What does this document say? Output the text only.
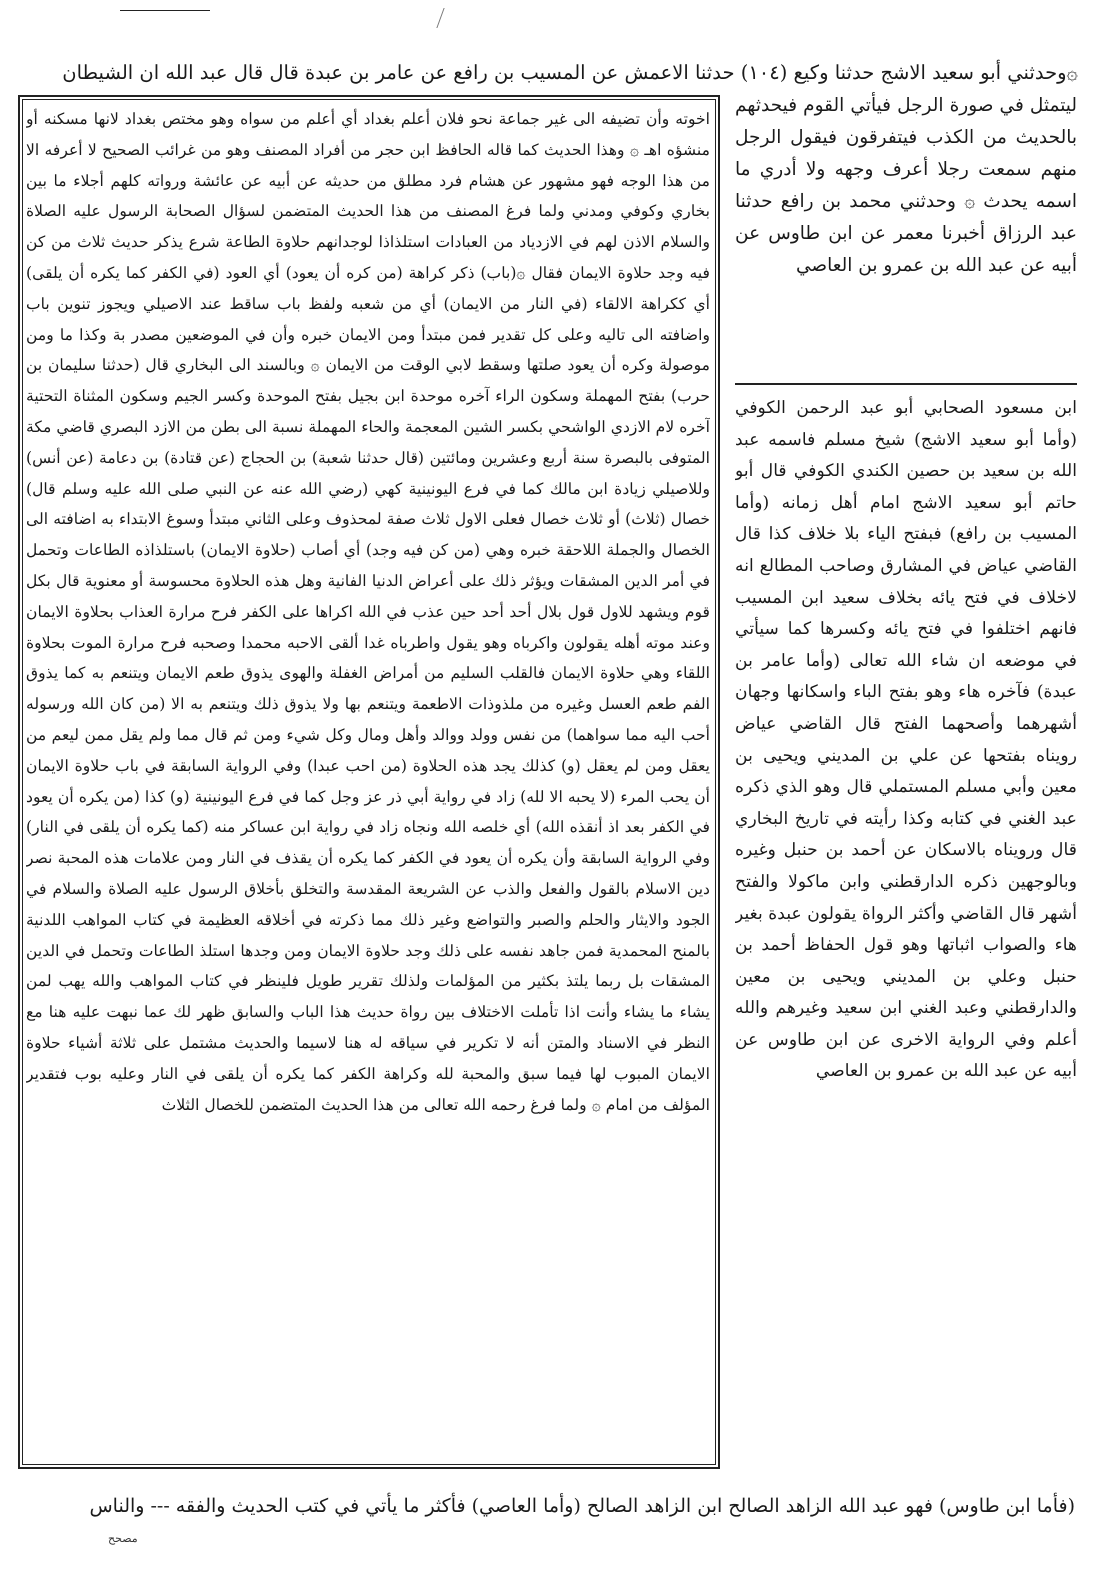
۞وحدثني أبو سعيد الاشج حدثنا وكيع (١٠٤) حدثنا الاعمش عن المسيب بن رافع عن عامر بن عبدة قال قال عبد الله ان الشيطان
اخوته وأن تضيفه الى غير جماعة نحو فلان أعلم بغداد أي أعلم من سواه وهو مختص بغداد لانها مسكنه أو منشؤه اهـ ۞ وهذا الحديث كما قاله الحافظ ابن حجر من أفراد المصنف وهو من غرائب الصحيح لا أعرفه الا من هذا الوجه فهو مشهور عن هشام فرد مطلق من حديثه عن أبيه عن عائشة ورواته كلهم أجلاء ما بين بخاري وكوفي ومدني ولما فرغ المصنف من هذا الحديث المتضمن لسؤال الصحابة الرسول عليه الصلاة والسلام الاذن لهم في الازدياد من العبادات استلذاذا لوجدانهم حلاوة الطاعة شرع يذكر حديث ثلاث من كن فيه وجد حلاوة الايمان فقال ۞(باب) ذكر كراهة (من كره أن يعود) أي العود (في الكفر كما يكره أن يلقى) أي ككراهة الالقاء (في النار من الايمان) أي من شعبه ولفظ باب ساقط عند الاصيلي ويجوز تنوين باب واضافته الى تاليه وعلى كل تقدير فمن مبتدأ ومن الايمان خبره وأن في الموضعين مصدر بة وكذا ما ومن موصولة وكره أن يعود صلتها وسقط لابي الوقت من الايمان ۞ وبالسند الى البخاري قال (حدثنا سليمان بن حرب) بفتح المهملة وسكون الراء آخره موحدة ابن بجيل بفتح الموحدة وكسر الجيم وسكون المثناة التحتية آخره لام الازدي الواشحي بكسر الشين المعجمة والحاء المهملة نسبة الى بطن من الازد البصري قاضي مكة المتوفى بالبصرة سنة أربع وعشرين ومائتين (قال حدثنا شعبة) بن الحجاج (عن قتادة) بن دعامة (عن أنس) وللاصيلي زيادة ابن مالك كما في فرع اليونينية كهي (رضي الله عنه عن النبي صلى الله عليه وسلم قال) خصال (ثلاث) أو ثلاث خصال فعلى الاول ثلاث صفة لمحذوف وعلى الثاني مبتدأ وسوغ الابتداء به اضافته الى الخصال والجملة اللاحقة خبره وهي (من كن فيه وجد) أي أصاب (حلاوة الايمان) باستلذاذه الطاعات وتحمل في أمر الدين المشقات ويؤثر ذلك على أعراض الدنيا الفانية وهل هذه الحلاوة محسوسة أو معنوية قال بكل قوم ويشهد للاول قول بلال أحد أحد حين عذب في الله اكراها على الكفر فرح مرارة العذاب بحلاوة الايمان وعند موته أهله يقولون واكرباه وهو يقول واطرباه غدا ألقى الاحبه محمدا وصحبه فرح مرارة الموت بحلاوة اللقاء وهي حلاوة الايمان فالقلب السليم من أمراض الغفلة والهوى يذوق طعم الايمان ويتنعم به كما يذوق الفم طعم العسل وغيره من ملذوذات الاطعمة ويتنعم بها ولا يذوق ذلك ويتنعم به الا (من كان الله ورسوله أحب اليه مما سواهما) من نفس وولد ووالد وأهل ومال وكل شيء ومن ثم قال مما ولم يقل ممن ليعم من يعقل ومن لم يعقل (و) كذلك يجد هذه الحلاوة (من احب عبدا) وفي الرواية السابقة في باب حلاوة الايمان أن يحب المرء (لا يحبه الا لله) زاد في رواية أبي ذر عز وجل كما في فرع اليونينية (و) كذا (من يكره أن يعود في الكفر بعد اذ أنقذه الله) أي خلصه الله ونجاه زاد في رواية ابن عساكر منه (كما يكره أن يلقى في النار) وفي الرواية السابقة وأن يكره أن يعود في الكفر كما يكره أن يقذف في النار ومن علامات هذه المحبة نصر دين الاسلام بالقول والفعل والذب عن الشريعة المقدسة والتخلق بأخلاق الرسول عليه الصلاة والسلام في الجود والايثار والحلم والصبر والتواضع وغير ذلك مما ذكرته في أخلاقه العظيمة في كتاب المواهب اللدنية بالمنح المحمدية فمن جاهد نفسه على ذلك وجد حلاوة الايمان ومن وجدها استلذ الطاعات وتحمل في الدين المشقات بل ربما يلتذ بكثير من المؤلمات ولذلك تقرير طويل فلينظر في كتاب المواهب والله يهب لمن يشاء ما يشاء وأنت اذا تأملت الاختلاف بين رواة حديث هذا الباب والسابق ظهر لك عما نبهت عليه هنا مع النظر في الاسناد والمتن أنه لا تكرير في سياقه له هنا لاسيما والحديث مشتمل على ثلاثة أشياء حلاوة الايمان المبوب لها فيما سبق والمحبة لله وكراهة الكفر كما يكره أن يلقى في النار وعليه بوب فتقدير المؤلف من امام ۞ ولما فرغ رحمه الله تعالى من هذا الحديث المتضمن للخصال الثلاث
ليتمثل في صورة الرجل فيأتي القوم فيحدثهم بالحديث من الكذب فيتفرقون فيقول الرجل منهم سمعت رجلا أعرف وجهه ولا أدري ما اسمه يحدث ۞ وحدثني محمد بن رافع حدثنا عبد الرزاق أخبرنا معمر عن ابن طاوس عن أبيه عن عبد الله بن عمرو بن العاصي
ابن مسعود الصحابي أبو عبد الرحمن الكوفي (وأما أبو سعيد الاشج) شيخ مسلم فاسمه عبد الله بن سعيد بن حصين الكندي الكوفي قال أبو حاتم أبو سعيد الاشج امام أهل زمانه (وأما المسيب بن رافع) فبفتح الياء بلا خلاف كذا قال القاضي عياض في المشارق وصاحب المطالع انه لاخلاف في فتح يائه بخلاف سعيد ابن المسيب فانهم اختلفوا في فتح يائه وكسرها كما سيأتي في موضعه ان شاء الله تعالى (وأما عامر بن عبدة) فآخره هاء وهو بفتح الباء واسكانها وجهان أشهرهما وأصحهما الفتح قال القاضي عياض رويناه بفتحها عن علي بن المديني ويحيى بن معين وأبي مسلم المستملي قال وهو الذي ذكره عبد الغني في كتابه وكذا رأيته في تاريخ البخاري قال ورويناه بالاسكان عن أحمد بن حنبل وغيره وبالوجهين ذكره الدارقطني وابن ماكولا والفتح أشهر قال القاضي وأكثر الرواة يقولون عبدة بغير هاء والصواب اثباتها وهو قول الحفاظ أحمد بن حنبل وعلي بن المديني ويحيى بن معين والدارقطني وعبد الغني ابن سعيد وغيرهم والله أعلم وفي الرواية الاخرى عن ابن طاوس عن أبيه عن عبد الله بن عمرو بن العاصي
(فأما ابن طاوس) فهو عبد الله الزاهد الصالح ابن الزاهد الصالح (وأما العاصي) فأكثر ما يأتي في كتب الحديث والفقه --- والناس
مصحح
